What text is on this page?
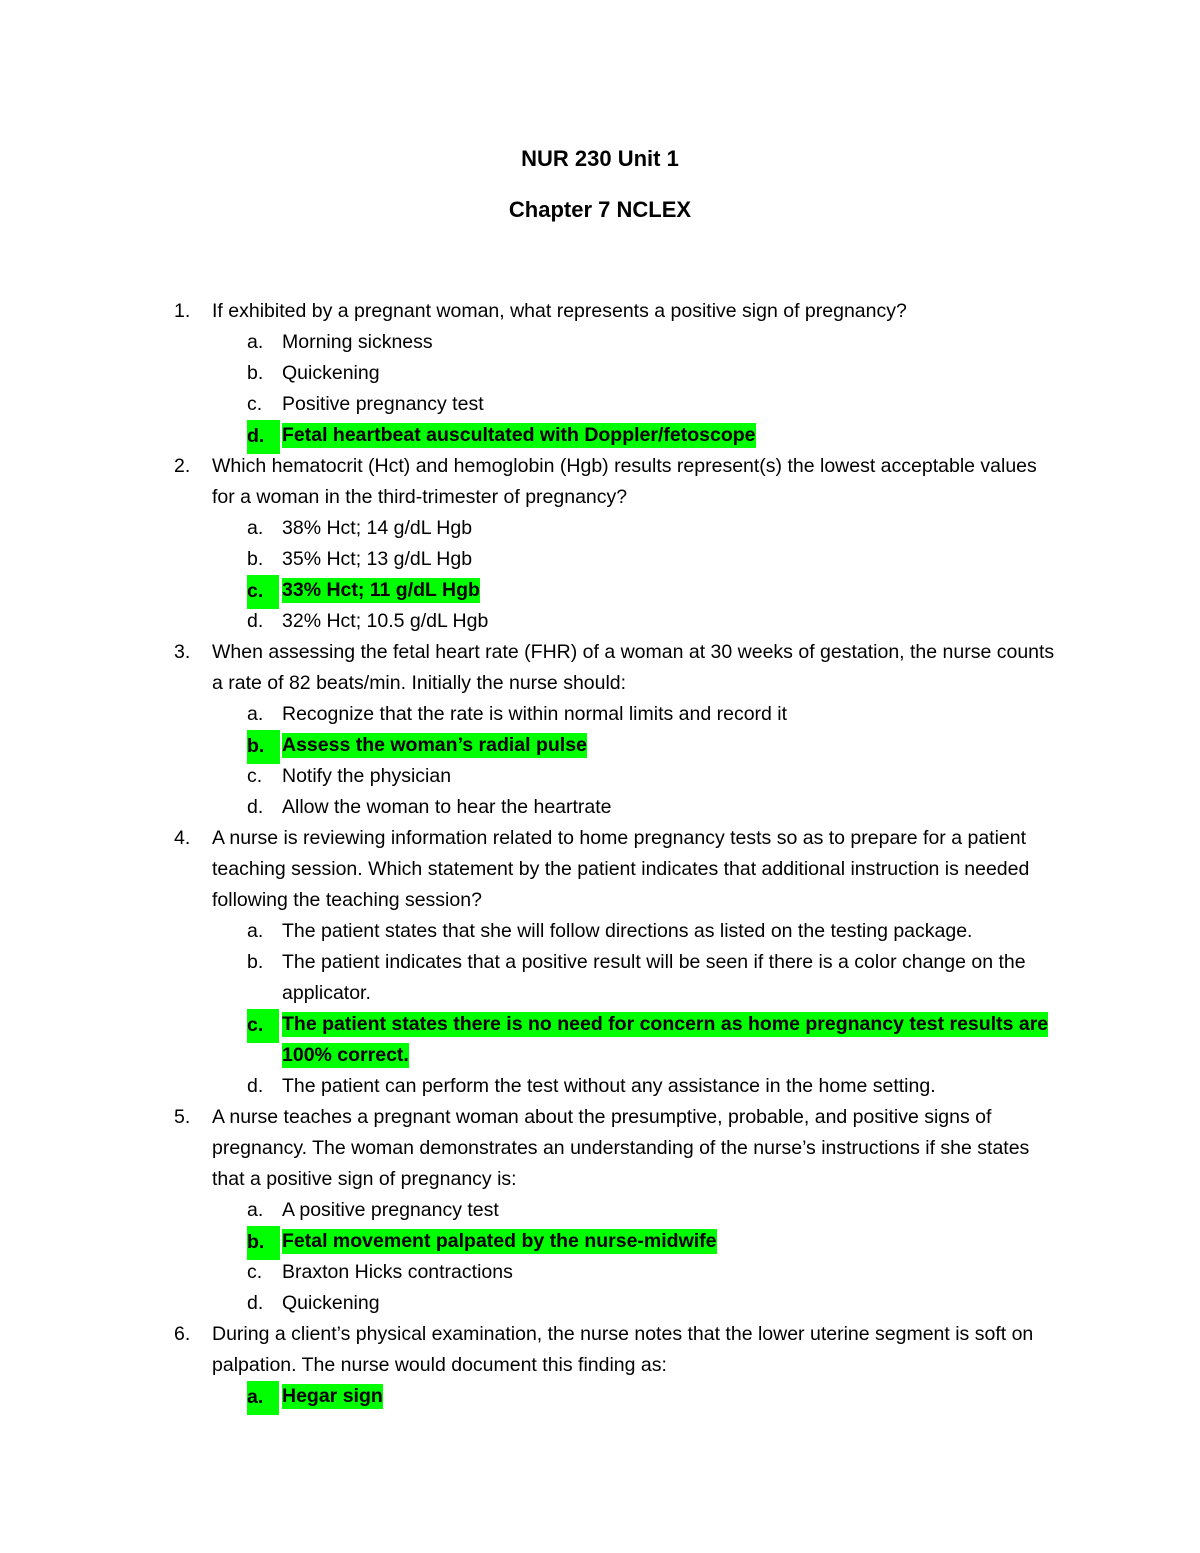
NUR 230 Unit 1
Chapter 7 NCLEX
1. If exhibited by a pregnant woman, what represents a positive sign of pregnancy?
a. Morning sickness
b. Quickening
c. Positive pregnancy test
d. Fetal heartbeat auscultated with Doppler/fetoscope
2. Which hematocrit (Hct) and hemoglobin (Hgb) results represent(s) the lowest acceptable values for a woman in the third-trimester of pregnancy?
a. 38% Hct; 14 g/dL Hgb
b. 35% Hct; 13 g/dL Hgb
c. 33% Hct; 11 g/dL Hgb
d. 32% Hct; 10.5 g/dL Hgb
3. When assessing the fetal heart rate (FHR) of a woman at 30 weeks of gestation, the nurse counts a rate of 82 beats/min. Initially the nurse should:
a. Recognize that the rate is within normal limits and record it
b. Assess the woman’s radial pulse
c. Notify the physician
d. Allow the woman to hear the heartrate
4. A nurse is reviewing information related to home pregnancy tests so as to prepare for a patient teaching session. Which statement by the patient indicates that additional instruction is needed following the teaching session?
a. The patient states that she will follow directions as listed on the testing package.
b. The patient indicates that a positive result will be seen if there is a color change on the applicator.
c. The patient states there is no need for concern as home pregnancy test results are 100% correct.
d. The patient can perform the test without any assistance in the home setting.
5. A nurse teaches a pregnant woman about the presumptive, probable, and positive signs of pregnancy. The woman demonstrates an understanding of the nurse’s instructions if she states that a positive sign of pregnancy is:
a. A positive pregnancy test
b. Fetal movement palpated by the nurse-midwife
c. Braxton Hicks contractions
d. Quickening
6. During a client’s physical examination, the nurse notes that the lower uterine segment is soft on palpation. The nurse would document this finding as:
a. Hegar sign
